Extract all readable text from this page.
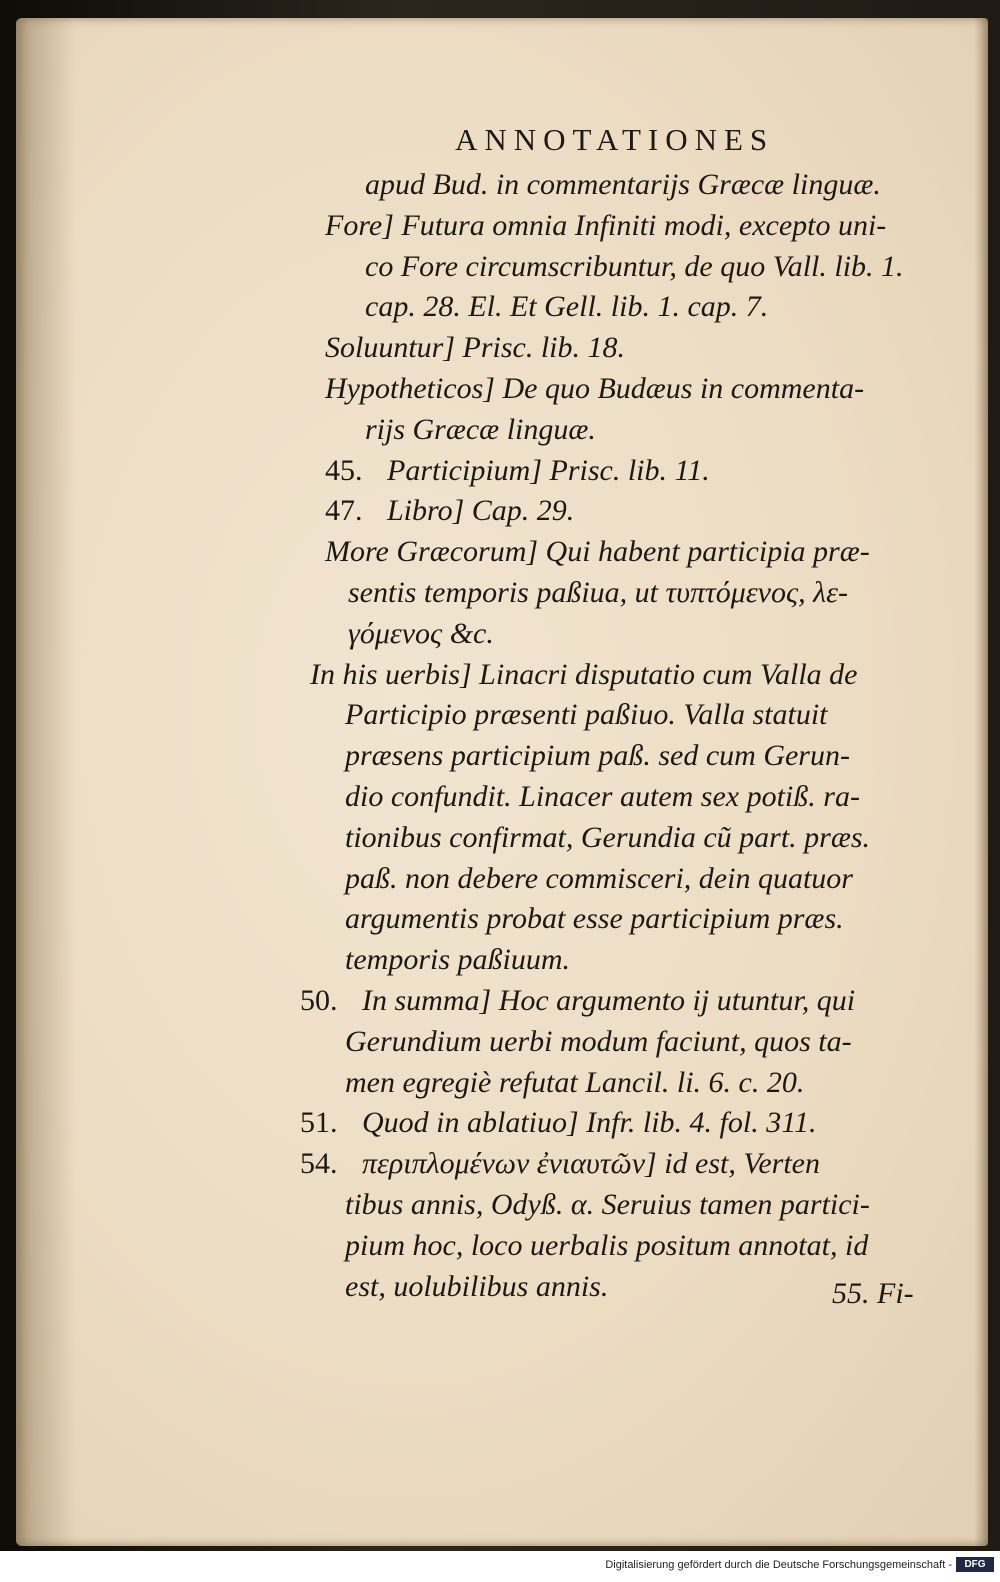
ANNOTATIONES
apud Bud. in commentarijs Græcæ linguæ.
Fore] Futura omnia Infiniti modi, excepto uni-
co Fore circumscribuntur, de quo Vall. lib. 1.
cap. 28. El. Et Gell. lib. 1. cap. 7.
Soluuntur] Prisc. lib. 18.
Hypotheticos] De quo Budæus in commenta-
rijs Græcæ linguæ.
45. Participium] Prisc. lib. 11.
47. Libro] Cap. 29.
More Græcorum] Qui habent participia præ-
sentis temporis paßiua, ut τυπτόμενος, λε-
γόμενος &c.
In his uerbis] Linacri disputatio cum Valla de
Participio præsenti paßiuo. Valla statuit
præsens participium paß. sed cum Gerun-
dio confundit. Linacer autem sex potiß. ra-
tionibus confirmat, Gerundia cũ part. præs.
paß. non debere commisceri, dein quatuor
argumentis probat esse participium præs.
temporis paßiuum.
50. In summa] Hoc argumento ij utuntur, qui
Gerundium uerbi modum faciunt, quos ta-
men egregiè refutat Lancil. li. 6. c. 20.
51. Quod in ablatiuo] Infr. lib. 4. fol. 311.
54. περιπλομένων ἐνιαυτῶν] id est, Verten
tibus annis, Odyß. α. Seruius tamen partici-
pium hoc, loco uerbalis positum annotat, id
est, uolubilibus annis.	55. Fi-
Digitalisierung gefördert durch die Deutsche Forschungsgemeinschaft -	DFG
